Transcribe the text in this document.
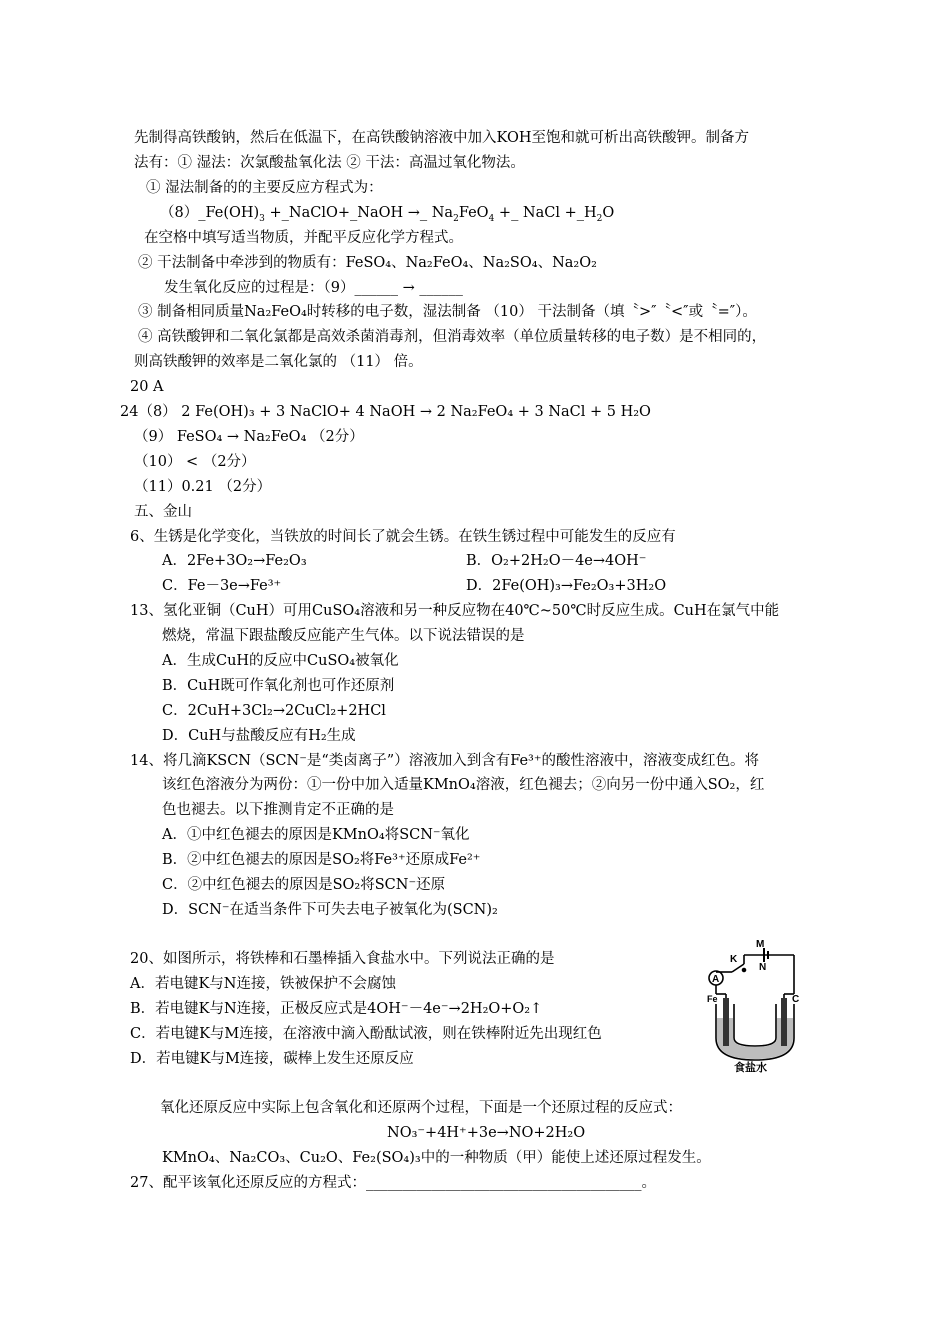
先制得高铁酸钠，然后在低温下，在高铁酸钠溶液中加入KOH至饱和就可析出高铁酸钾。制备方
法有：① 湿法：次氯酸盐氧化法 ② 干法：高温过氧化物法。
① 湿法制备的的主要反应方程式为：
$(8)\_Fe(OH)_3$ +_NaClO+_NaOH →_ $Na_2FeO_4$ +_ NaCl $+\_H_2O$
在空格中填写适当物质，并配平反应化学方程式。
② 干法制备中牵涉到的物质有：FeSO₄、Na₂FeO₄、Na₂SO₄、Na₂O₂
发生氧化反应的过程是：（9）______ → ______
③ 制备相同质量Na₂FeO₄时转移的电子数，湿法制备 （10） 干法制备（填〝>″〝<″或〝=″）。
④ 高铁酸钾和二氧化氯都是高效杀菌消毒剂，但消毒效率（单位质量转移的电子数）是不相同的，
则高铁酸钾的效率是二氧化氯的 （11） 倍。
20 A
24（8） 2 Fe(OH)₃ + 3 NaClO+ 4 NaOH → 2 Na₂FeO₄ + 3 NaCl + 5 H₂O
（9） FeSO₄ → Na₂FeO₄ （2分）
（10） < （2分）
（11）0.21 （2分）
五、金山
6、生锈是化学变化，当铁放的时间长了就会生锈。在铁生锈过程中可能发生的反应有
A．2Fe+3O₂→Fe₂O₃	B．O₂+2H₂O－4e→4OH⁻
C．Fe－3e→Fe³⁺	D．2Fe(OH)₃→Fe₂O₃+3H₂O
13、氢化亚铜（CuH）可用CuSO₄溶液和另一种反应物在40℃~50℃时反应生成。CuH在氯气中能
燃烧，常温下跟盐酸反应能产生气体。以下说法错误的是
A．生成CuH的反应中CuSO₄被氧化
B．CuH既可作氧化剂也可作还原剂
C．2CuH+3Cl₂→2CuCl₂+2HCl
D．CuH与盐酸反应有H₂生成
14、将几滴KSCN（SCN⁻是“类卤离子”）溶液加入到含有Fe³⁺的酸性溶液中，溶液变成红色。将
该红色溶液分为两份：①一份中加入适量KMnO₄溶液，红色褪去；②向另一份中通入SO₂，红
色也褪去。以下推测肯定不正确的是
A．①中红色褪去的原因是KMnO₄将SCN⁻氧化
B．②中红色褪去的原因是SO₂将Fe³⁺还原成Fe²⁺
C．②中红色褪去的原因是SO₂将SCN⁻还原
D．SCN⁻在适当条件下可失去电子被氧化为(SCN)₂
20、如图所示，将铁棒和石墨棒插入食盐水中。下列说法正确的是
A．若电键K与N连接，铁被保护不会腐蚀
B．若电键K与N连接，正极反应式是4OH⁻－4e⁻→2H₂O+O₂↑
C．若电键K与M连接，在溶液中滴入酚酞试液，则在铁棒附近先出现红色
D．若电键K与M连接，碳棒上发生还原反应
M
K
N
A
Fe	C
食盐水
氧化还原反应中实际上包含氧化和还原两个过程，下面是一个还原过程的反应式：
NO₃⁻+4H⁺+3e→NO+2H₂O
KMnO₄、Na₂CO₃、Cu₂O、Fe₂(SO₄)₃中的一种物质（甲）能使上述还原过程发生。
27、配平该氧化还原反应的方程式：______________________________________。
